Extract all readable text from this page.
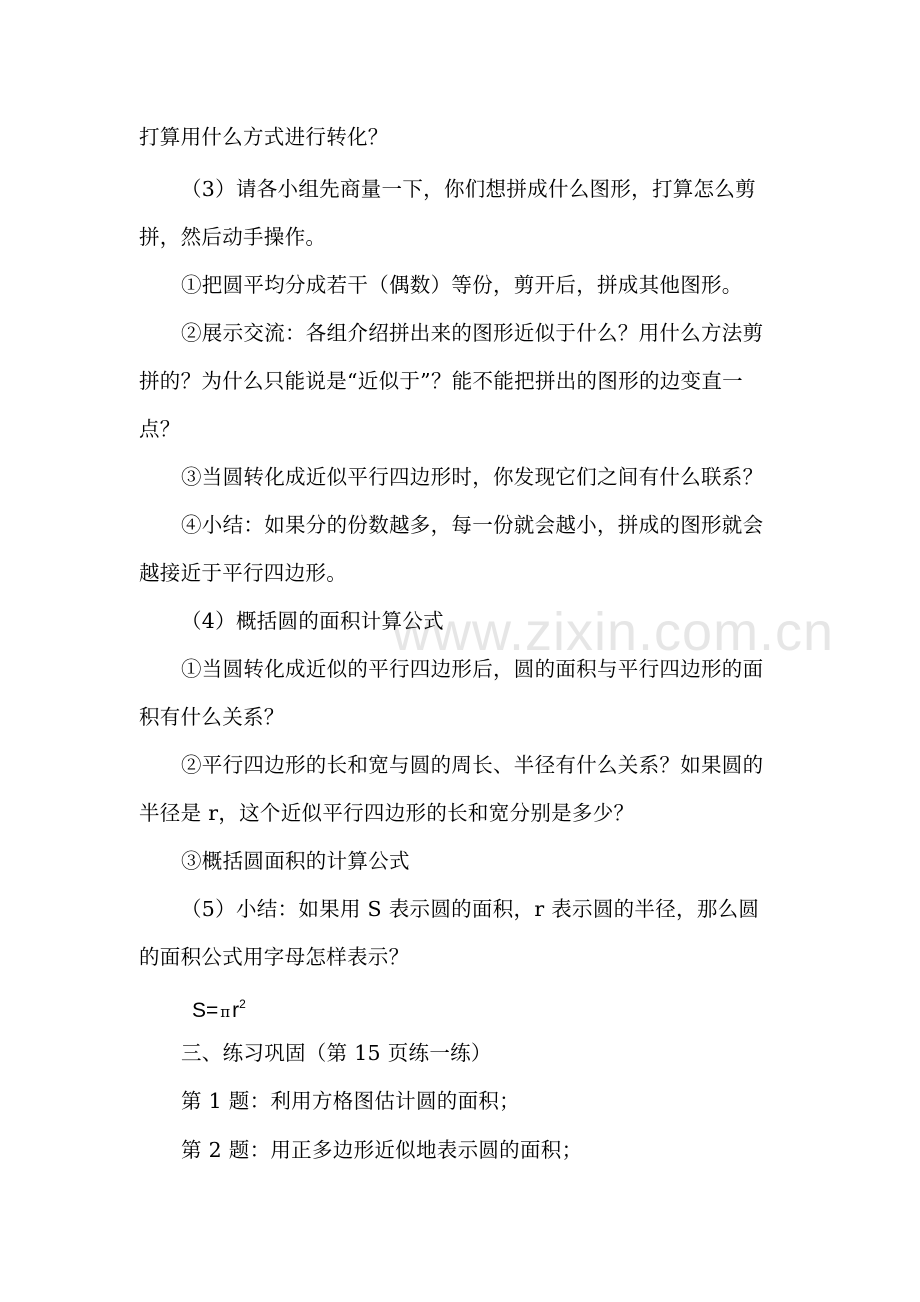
www.zixin.com.cn
打算用什么方式进行转化？
（3）请各小组先商量一下，你们想拼成什么图形，打算怎么剪
拼，然后动手操作。
①把圆平均分成若干（偶数）等份，剪开后，拼成其他图形。
②展示交流：各组介绍拼出来的图形近似于什么？用什么方法剪
拼的？为什么只能说是“近似于”？能不能把拼出的图形的边变直一
点？
③当圆转化成近似平行四边形时，你发现它们之间有什么联系？
④小结：如果分的份数越多，每一份就会越小，拼成的图形就会
越接近于平行四边形。
（4）概括圆的面积计算公式
①当圆转化成近似的平行四边形后，圆的面积与平行四边形的面
积有什么关系？
②平行四边形的长和宽与圆的周长、半径有什么关系？如果圆的
半径是 r，这个近似平行四边形的长和宽分别是多少？
③概括圆面积的计算公式
（5）小结：如果用 S 表示圆的面积，r 表示圆的半径，那么圆
的面积公式用字母怎样表示？
$S= \pi r^2$
三、练习巩固（第 15 页练一练）
第 1 题：利用方格图估计圆的面积；
第 2 题：用正多边形近似地表示圆的面积；
